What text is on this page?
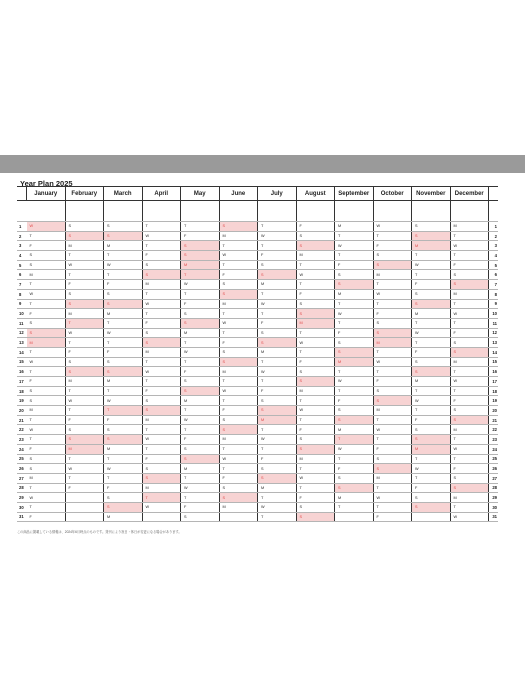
Year Plan 2025
	January	February	March	April	May	June	July	August	September	October	November	December	

1	W	S	S	T	T	S	T	F	M	W	S	M	1
2	T	S	S	W	F	M	W	S	T	T	S	T	2
3	F	M	M	T	S	T	T	S	W	F	M	W	3
4	S	T	T	F	S	W	F	M	T	S	T	T	4
5	S	W	W	S	M	T	S	T	F	S	W	F	5
6	M	T	T	S	T	F	S	W	S	M	T	S	6
7	T	F	F	M	W	S	M	T	S	T	F	S	7
8	W	S	S	T	T	S	T	F	M	W	S	M	8
9	T	S	S	W	F	M	W	S	T	T	S	T	9
10	F	M	M	T	S	T	T	S	W	F	M	W	10
11	S	T	T	F	S	W	F	M	T	S	T	T	11
12	S	W	W	S	M	T	S	T	F	S	W	F	12
13	M	T	T	S	T	F	S	W	S	M	T	S	13
14	T	F	F	M	W	S	M	T	S	T	F	S	14
15	W	S	S	T	T	S	T	F	M	W	S	M	15
16	T	S	S	W	F	M	W	S	T	T	S	T	16
17	F	M	M	T	S	T	T	S	W	F	M	W	17
18	S	T	T	F	S	W	F	M	T	S	T	T	18
19	S	W	W	S	M	T	S	T	F	S	W	F	19
20	M	T	T	S	T	F	S	W	S	M	T	S	20
21	T	F	F	M	W	S	M	T	S	T	F	S	21
22	W	S	S	T	T	S	T	F	M	W	S	M	22
23	T	S	S	W	F	M	W	S	T	T	S	T	23
24	F	M	M	T	S	T	T	S	W	F	M	W	24
25	S	T	T	F	S	W	F	M	T	S	T	T	25
26	S	W	W	S	M	T	S	T	F	S	W	F	26
27	M	T	T	S	T	F	S	W	S	M	T	S	27
28	T	F	F	M	W	S	M	T	S	T	F	S	28
29	W		S	T	T	S	T	F	M	W	S	M	29
30	T		S	W	F	M	W	S	T	T	S	T	30
31	F		M		S		T	S		F		W	31
この商品に掲載している情報は、2024年6月時点のものです。発刊により祝日・休日が変更になる場合があります。
